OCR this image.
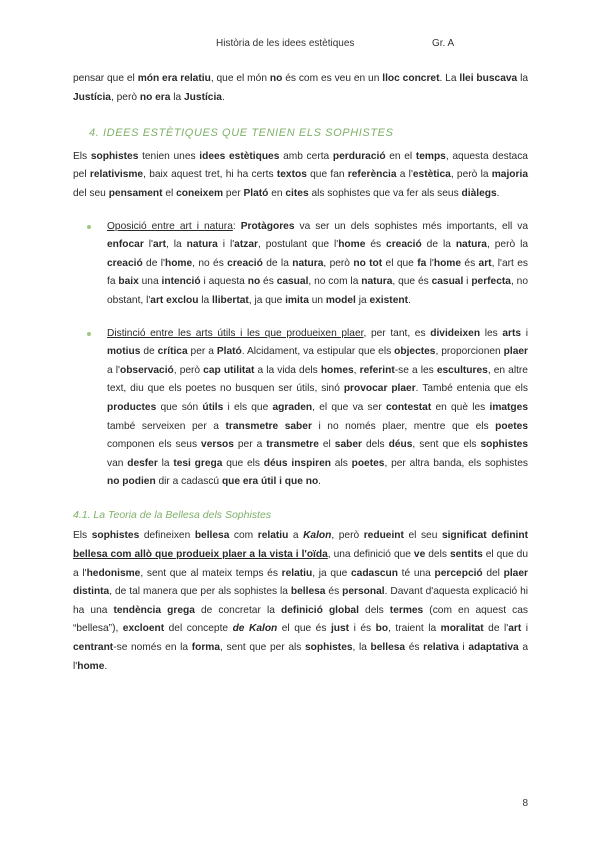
Història de les idees estètiques	Gr. A

pensar que el món era relatiu, que el món no és com es veu en un lloc concret. La llei buscava la Justícia, però no era la Justícia.

4. IDEES ESTÈTIQUES QUE TENIEN ELS SOPHISTES

Els sophistes tenien unes idees estètiques amb certa perduració en el temps, aquesta destaca pel relativisme, baix aquest tret, hi ha certs textos que fan referència a l'estètica, però la majoria del seu pensament el coneixem per Plató en cites als sophistes que va fer als seus diàlegs.

Oposició entre art i natura: Protàgores va ser un dels sophistes més importants, ell va enfocar l'art, la natura i l'atzar, postulant que l'home és creació de la natura, però la creació de l'home, no és creació de la natura, però no tot el que fa l'home és art, l'art es fa baix una intenció i aquesta no és casual, no com la natura, que és casual i perfecta, no obstant, l'art exclou la llibertat, ja que imita un model ja existent.
Distinció entre les arts útils i les que produeixen plaer, per tant, es divideixen les arts i motius de crítica per a Plató. Alcidament, va estipular que els objectes, proporcionen plaer a l'observació, però cap utilitat a la vida dels homes, referint-se a les escultures, en altre text, diu que els poetes no busquen ser útils, sinó provocar plaer. També entenia que els productes que són útils i els que agraden, el que va ser contestat en què les imatges també serveixen per a transmetre saber i no només plaer, mentre que els poetes componen els seus versos per a transmetre el saber dels déus, sent que els sophistes van desfer la tesi grega que els déus inspiren als poetes, per altra banda, els sophistes no podien dir a cadascú que era útil i que no.
4.1. La Teoria de la Bellesa dels Sophistes

Els sophistes defineixen bellesa com relatiu a Kalon, però redueint el seu significat definint bellesa com allò que produeix plaer a la vista i l'oïda, una definició que ve dels sentits el que du a l'hedonisme, sent que al mateix temps és relatiu, ja que cadascun té una percepció del plaer distinta, de tal manera que per als sophistes la bellesa és personal. Davant d'aquesta explicació hi ha una tendència grega de concretar la definició global dels termes (com en aquest cas “bellesa”), excloent del concepte de Kalon el que és just i és bo, traient la moralitat de l'art i centrant-se només en la forma, sent que per als sophistes, la bellesa és relativa i adaptativa a l'home.

8
